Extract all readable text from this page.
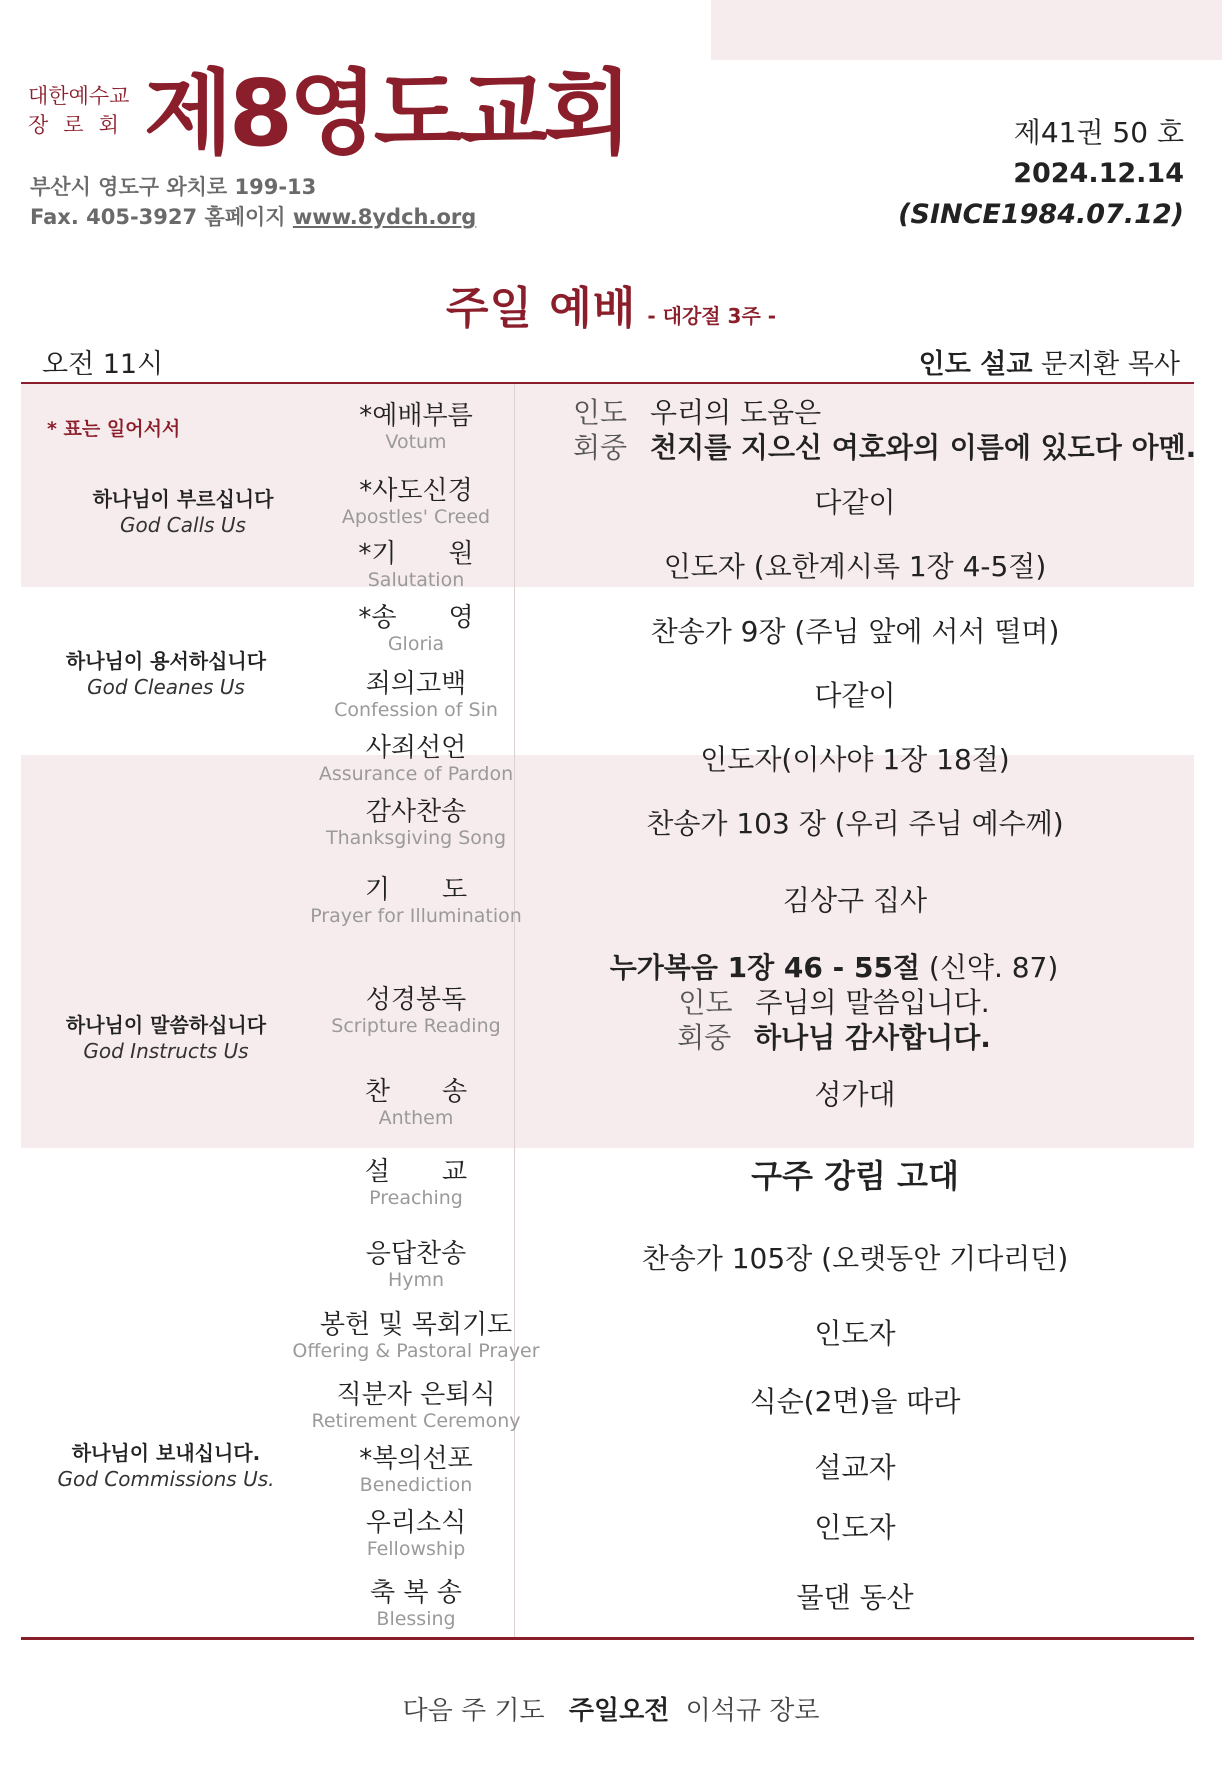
대한예수교
장로회 제8영도교회
부산시 영도구 와치로 199-13
Fax. 405-3927 홈페이지 www.8ydch.org
제41권 50 호
2024.12.14
(SINCE1984.07.12)
주일 예배 - 대강절 3주 -
오전 11시	인도 설교 문지환 목사
* 표는 일어서서
하나님이 부르십니다
God Calls Us
하나님이 용서하십니다
God Cleanes Us
하나님이 말씀하십니다
God Instructs Us
하나님이 보내십니다.
God Commissions Us.
*예배부름
Votum
*사도신경
Apostles' Creed
*기　　원
Salutation
*송　　영
Gloria
죄의고백
Confession of Sin
사죄선언
Assurance of Pardon
감사찬송
Thanksgiving Song
기　　도
Prayer for Illumination
성경봉독
Scripture Reading
찬　　송
Anthem
설　　교
Preaching
응답찬송
Hymn
봉헌 및 목회기도
Offering & Pastoral Prayer
직분자 은퇴식
Retirement Ceremony
*복의선포
Benediction
우리소식
Fellowship
축 복 송
Blessing
다같이
인도자 (요한계시록 1장 4-5절)
찬송가 9장 (주님 앞에 서서 떨며)
다같이
인도자(이사야 1장 18절)
찬송가 103 장 (우리 주님 예수께)
김상구 집사
성가대
구주 강림 고대
찬송가 105장 (오랫동안 기다리던)
인도자
식순(2면)을 따라
설교자
인도자
물댄 동산
인도 우리의 도움은
회중 천지를 지으신 여호와의 이름에 있도다 아멘.
누가복음 1장 46 - 55절 (신약. 87)
인도 주님의 말씀입니다.
회중 하나님 감사합니다.
다음 주 기도 주일오전 이석규 장로
